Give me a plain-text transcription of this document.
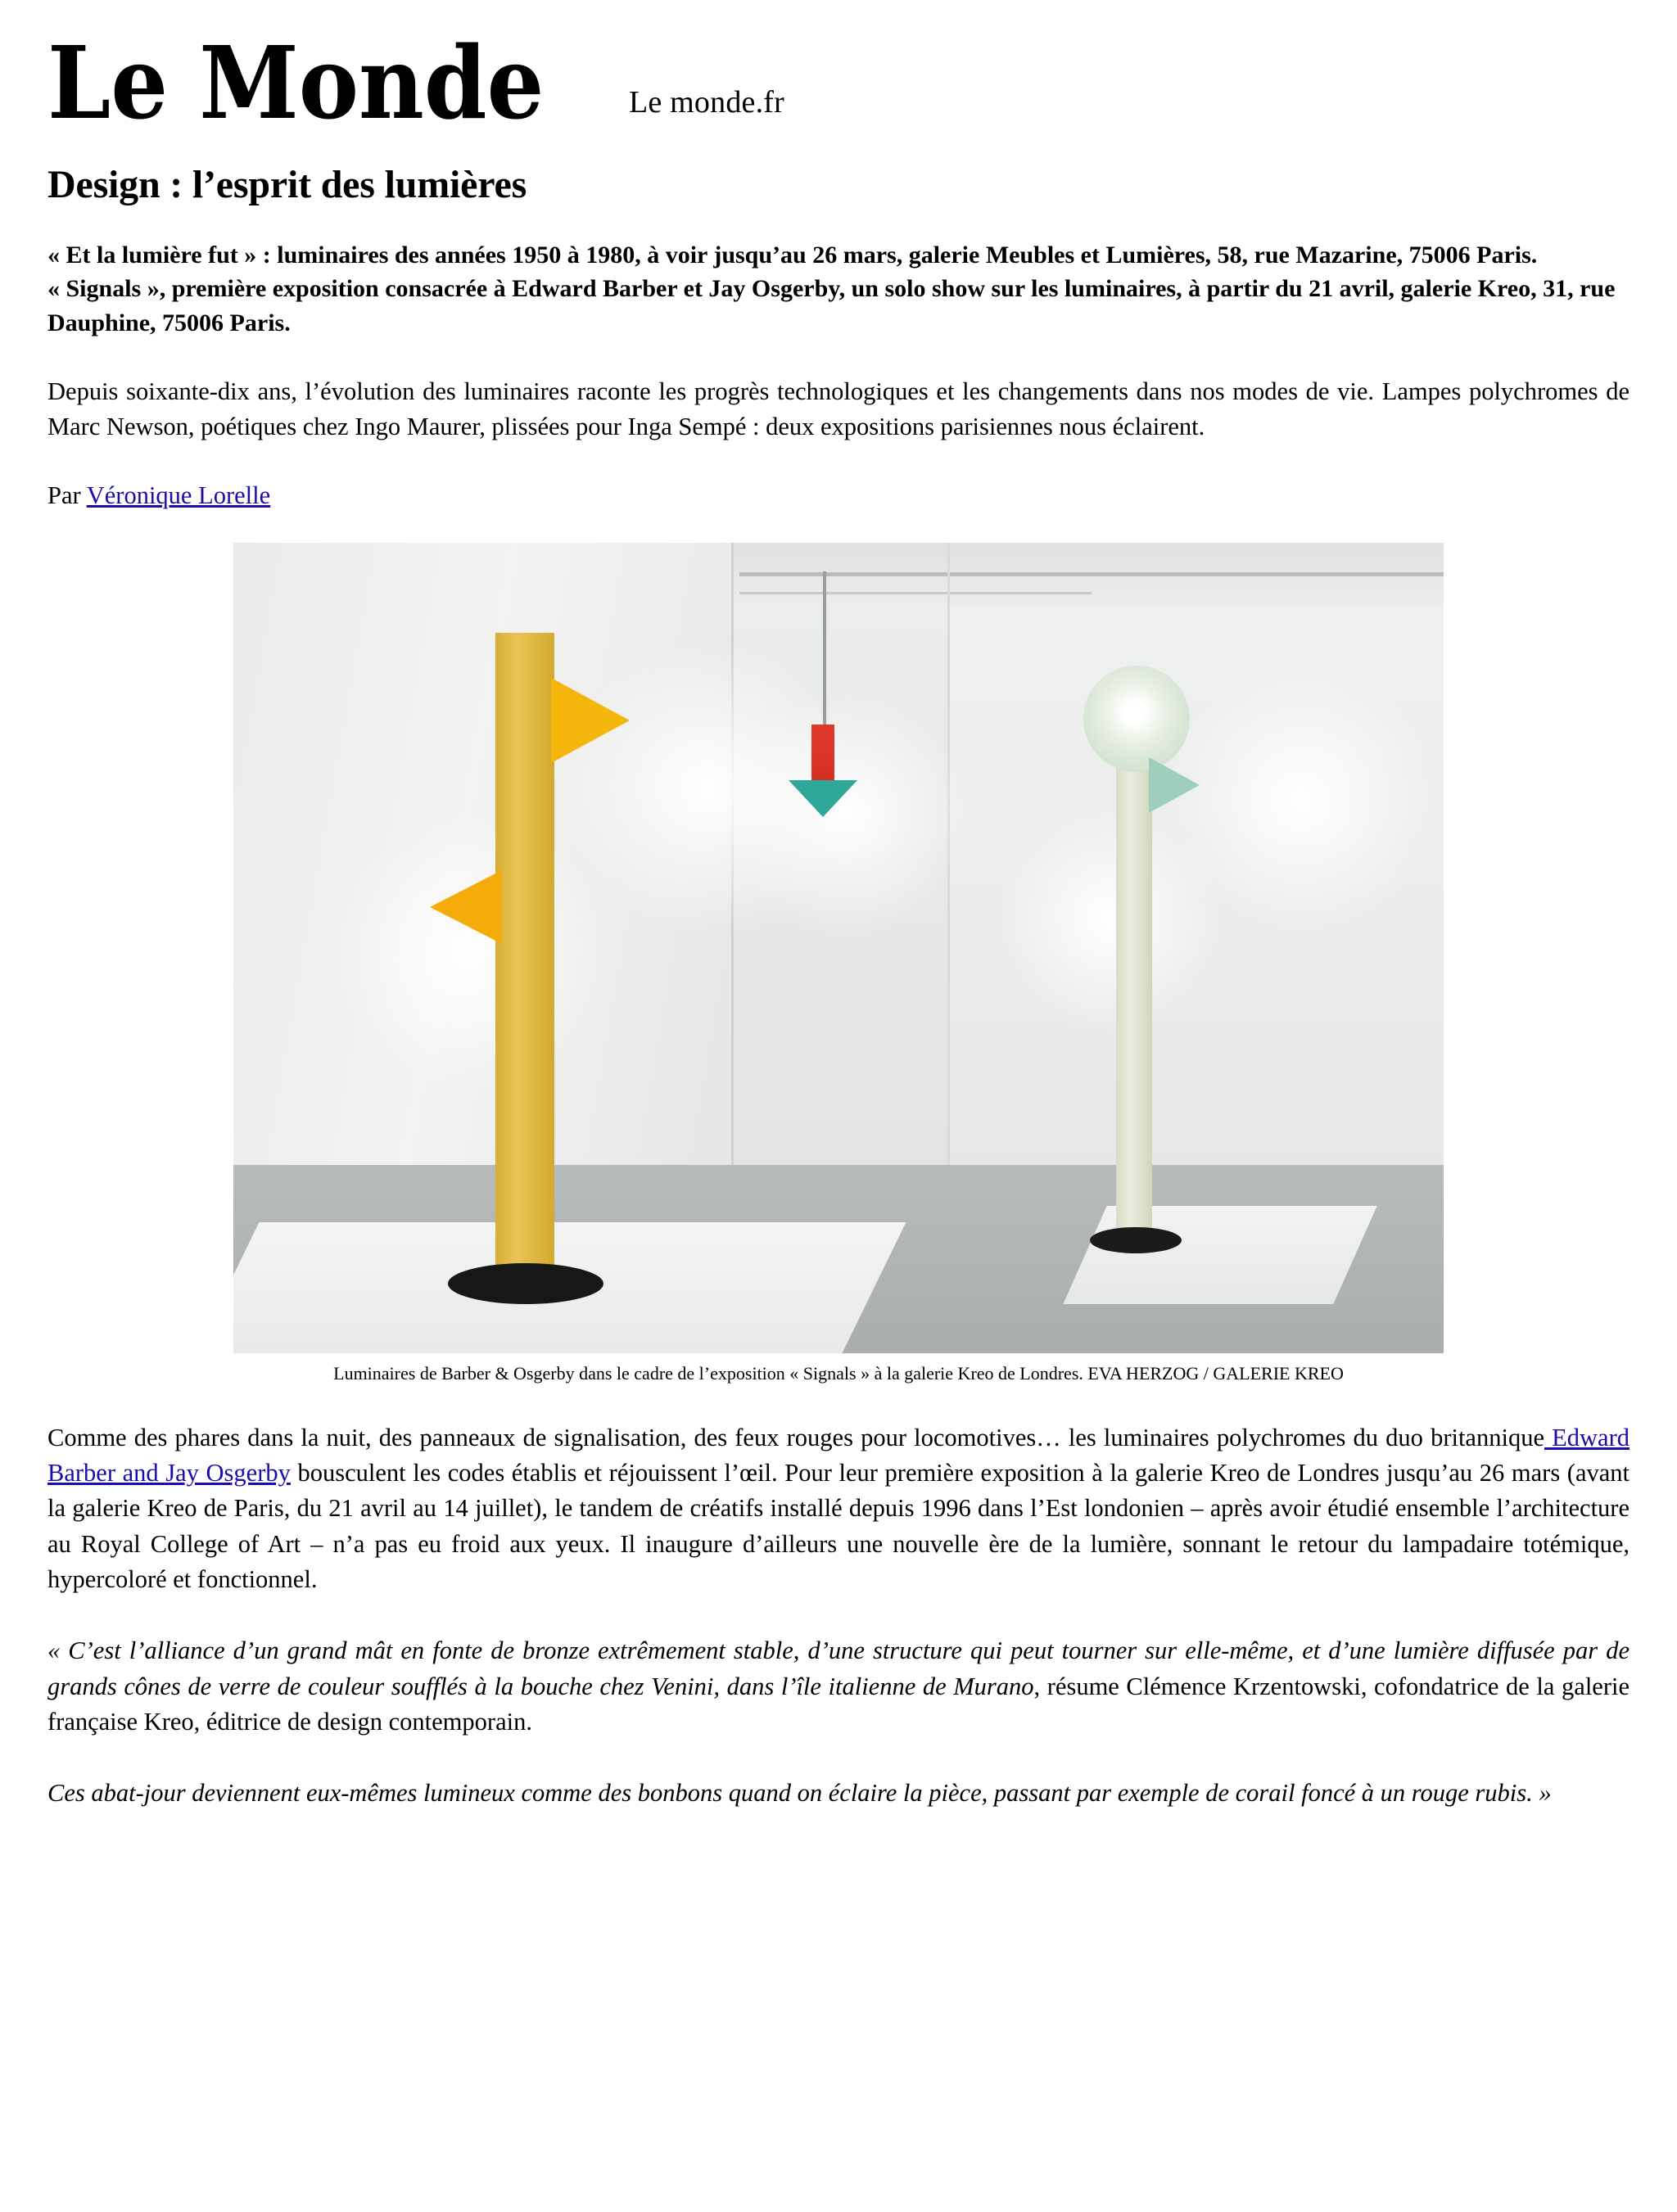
Le Monde	Le monde.fr
Design : l’esprit des lumières

« Et la lumière fut » : luminaires des années 1950 à 1980, à voir jusqu’au 26 mars, galerie Meubles et Lumières, 58, rue Mazarine, 75006 Paris.

« Signals », première exposition consacrée à Edward Barber et Jay Osgerby, un solo show sur les luminaires, à partir du 21 avril, galerie Kreo, 31, rue Dauphine, 75006 Paris.

Depuis soixante-dix ans, l’évolution des luminaires raconte les progrès technologiques et les changements dans nos modes de vie. Lampes polychromes de Marc Newson, poétiques chez Ingo Maurer, plissées pour Inga Sempé : deux expositions parisiennes nous éclairent.

Par Véronique Lorelle

Luminaires de Barber & Osgerby dans le cadre de l’exposition « Signals » à la galerie Kreo de Londres. EVA HERZOG / GALERIE KREO

Comme des phares dans la nuit, des panneaux de signalisation, des feux rouges pour locomotives… les luminaires polychromes du duo britannique Edward Barber and Jay Osgerby bousculent les codes établis et réjouissent l’œil. Pour leur première exposition à la galerie Kreo de Londres jusqu’au 26 mars (avant la galerie Kreo de Paris, du 21 avril au 14 juillet), le tandem de créatifs installé depuis 1996 dans l’Est londonien – après avoir étudié ensemble l’architecture au Royal College of Art – n’a pas eu froid aux yeux. Il inaugure d’ailleurs une nouvelle ère de la lumière, sonnant le retour du lampadaire totémique, hypercoloré et fonctionnel.

« C’est l’alliance d’un grand mât en fonte de bronze extrêmement stable, d’une structure qui peut tourner sur elle-même, et d’une lumière diffusée par de grands cônes de verre de couleur soufflés à la bouche chez Venini, dans l’île italienne de Murano, résume Clémence Krzentowski, cofondatrice de la galerie française Kreo, éditrice de design contemporain.

Ces abat-jour deviennent eux-mêmes lumineux comme des bonbons quand on éclaire la pièce, passant par exemple de corail foncé à un rouge rubis. »
